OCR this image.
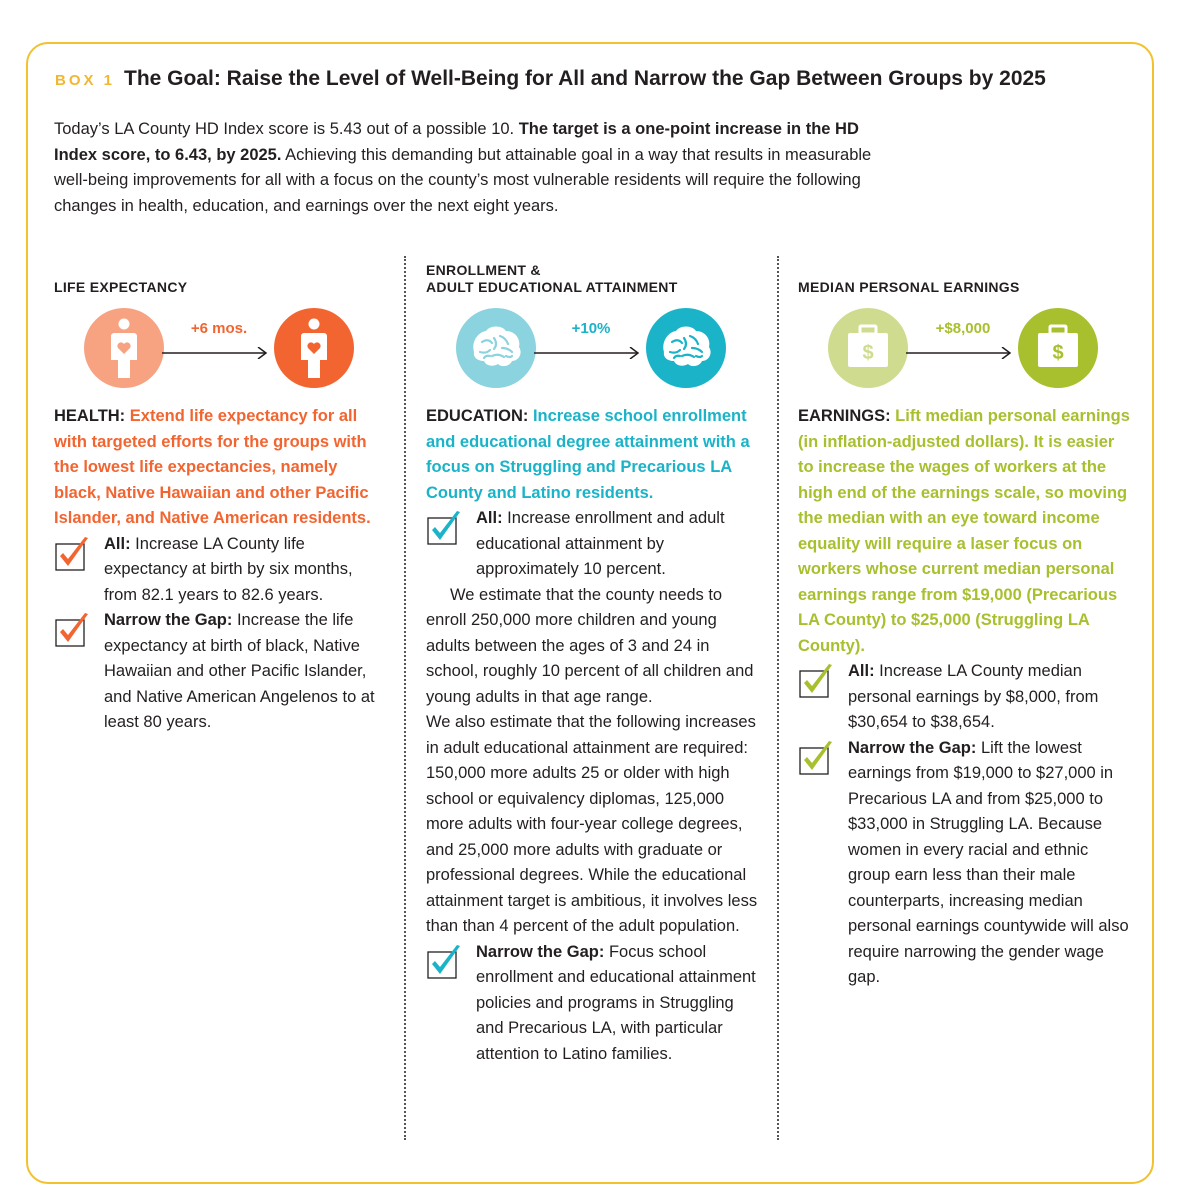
BOX 1 The Goal: Raise the Level of Well-Being for All and Narrow the Gap Between Groups by 2025
Today’s LA County HD Index score is 5.43 out of a possible 10. The target is a one-point increase in the HD Index score, to 6.43, by 2025. Achieving this demanding but attainable goal in a way that results in measurable well-being improvements for all with a focus on the county’s most vulnerable residents will require the following changes in health, education, and earnings over the next eight years.
LIFE EXPECTANCY
+6 mos.
HEALTH: Extend life expectancy for all with targeted efforts for the groups with the lowest life expectancies, namely black, Native Hawaiian and other Pacific Islander, and Native American residents.
All: Increase LA County life expectancy at birth by six months, from 82.1 years to 82.6 years.
Narrow the Gap: Increase the life expectancy at birth of black, Native Hawaiian and other Pacific Islander, and Native American Angelenos to at least 80 years.
ENROLLMENT &
ADULT EDUCATIONAL ATTAINMENT
+10%
EDUCATION: Increase school enrollment and educational degree attainment with a focus on Struggling and Precarious LA County and Latino residents.
All: Increase enrollment and adult educational attainment by approximately 10 percent.
We estimate that the county needs to enroll 250,000 more children and young adults between the ages of 3 and 24 in school, roughly 10 percent of all children and young adults in that age range.
We also estimate that the following increases in adult educational attainment are required: 150,000 more adults 25 or older with high school or equivalency diplomas, 125,000 more adults with four-year college degrees, and 25,000 more adults with graduate or professional degrees. While the educational attainment target is ambitious, it involves less than than 4 percent of the adult population.
Narrow the Gap: Focus school enrollment and educational attainment policies and programs in Struggling and Precarious LA, with particular attention to Latino families.
MEDIAN PERSONAL EARNINGS
$
+$8,000
$
EARNINGS: Lift median personal earnings (in inflation-adjusted dollars). It is easier to increase the wages of workers at the high end of the earnings scale, so moving the median with an eye toward income equality will require a laser focus on workers whose current median personal earnings range from $19,000 (Precarious LA County) to $25,000 (Struggling LA County).
All: Increase LA County median personal earnings by $8,000, from $30,654 to $38,654.
Narrow the Gap: Lift the lowest earnings from $19,000 to $27,000 in Precarious LA and from $25,000 to $33,000 in Struggling LA. Because women in every racial and ethnic group earn less than their male counterparts, increasing median personal earnings countywide will also require narrowing the gender wage gap.
